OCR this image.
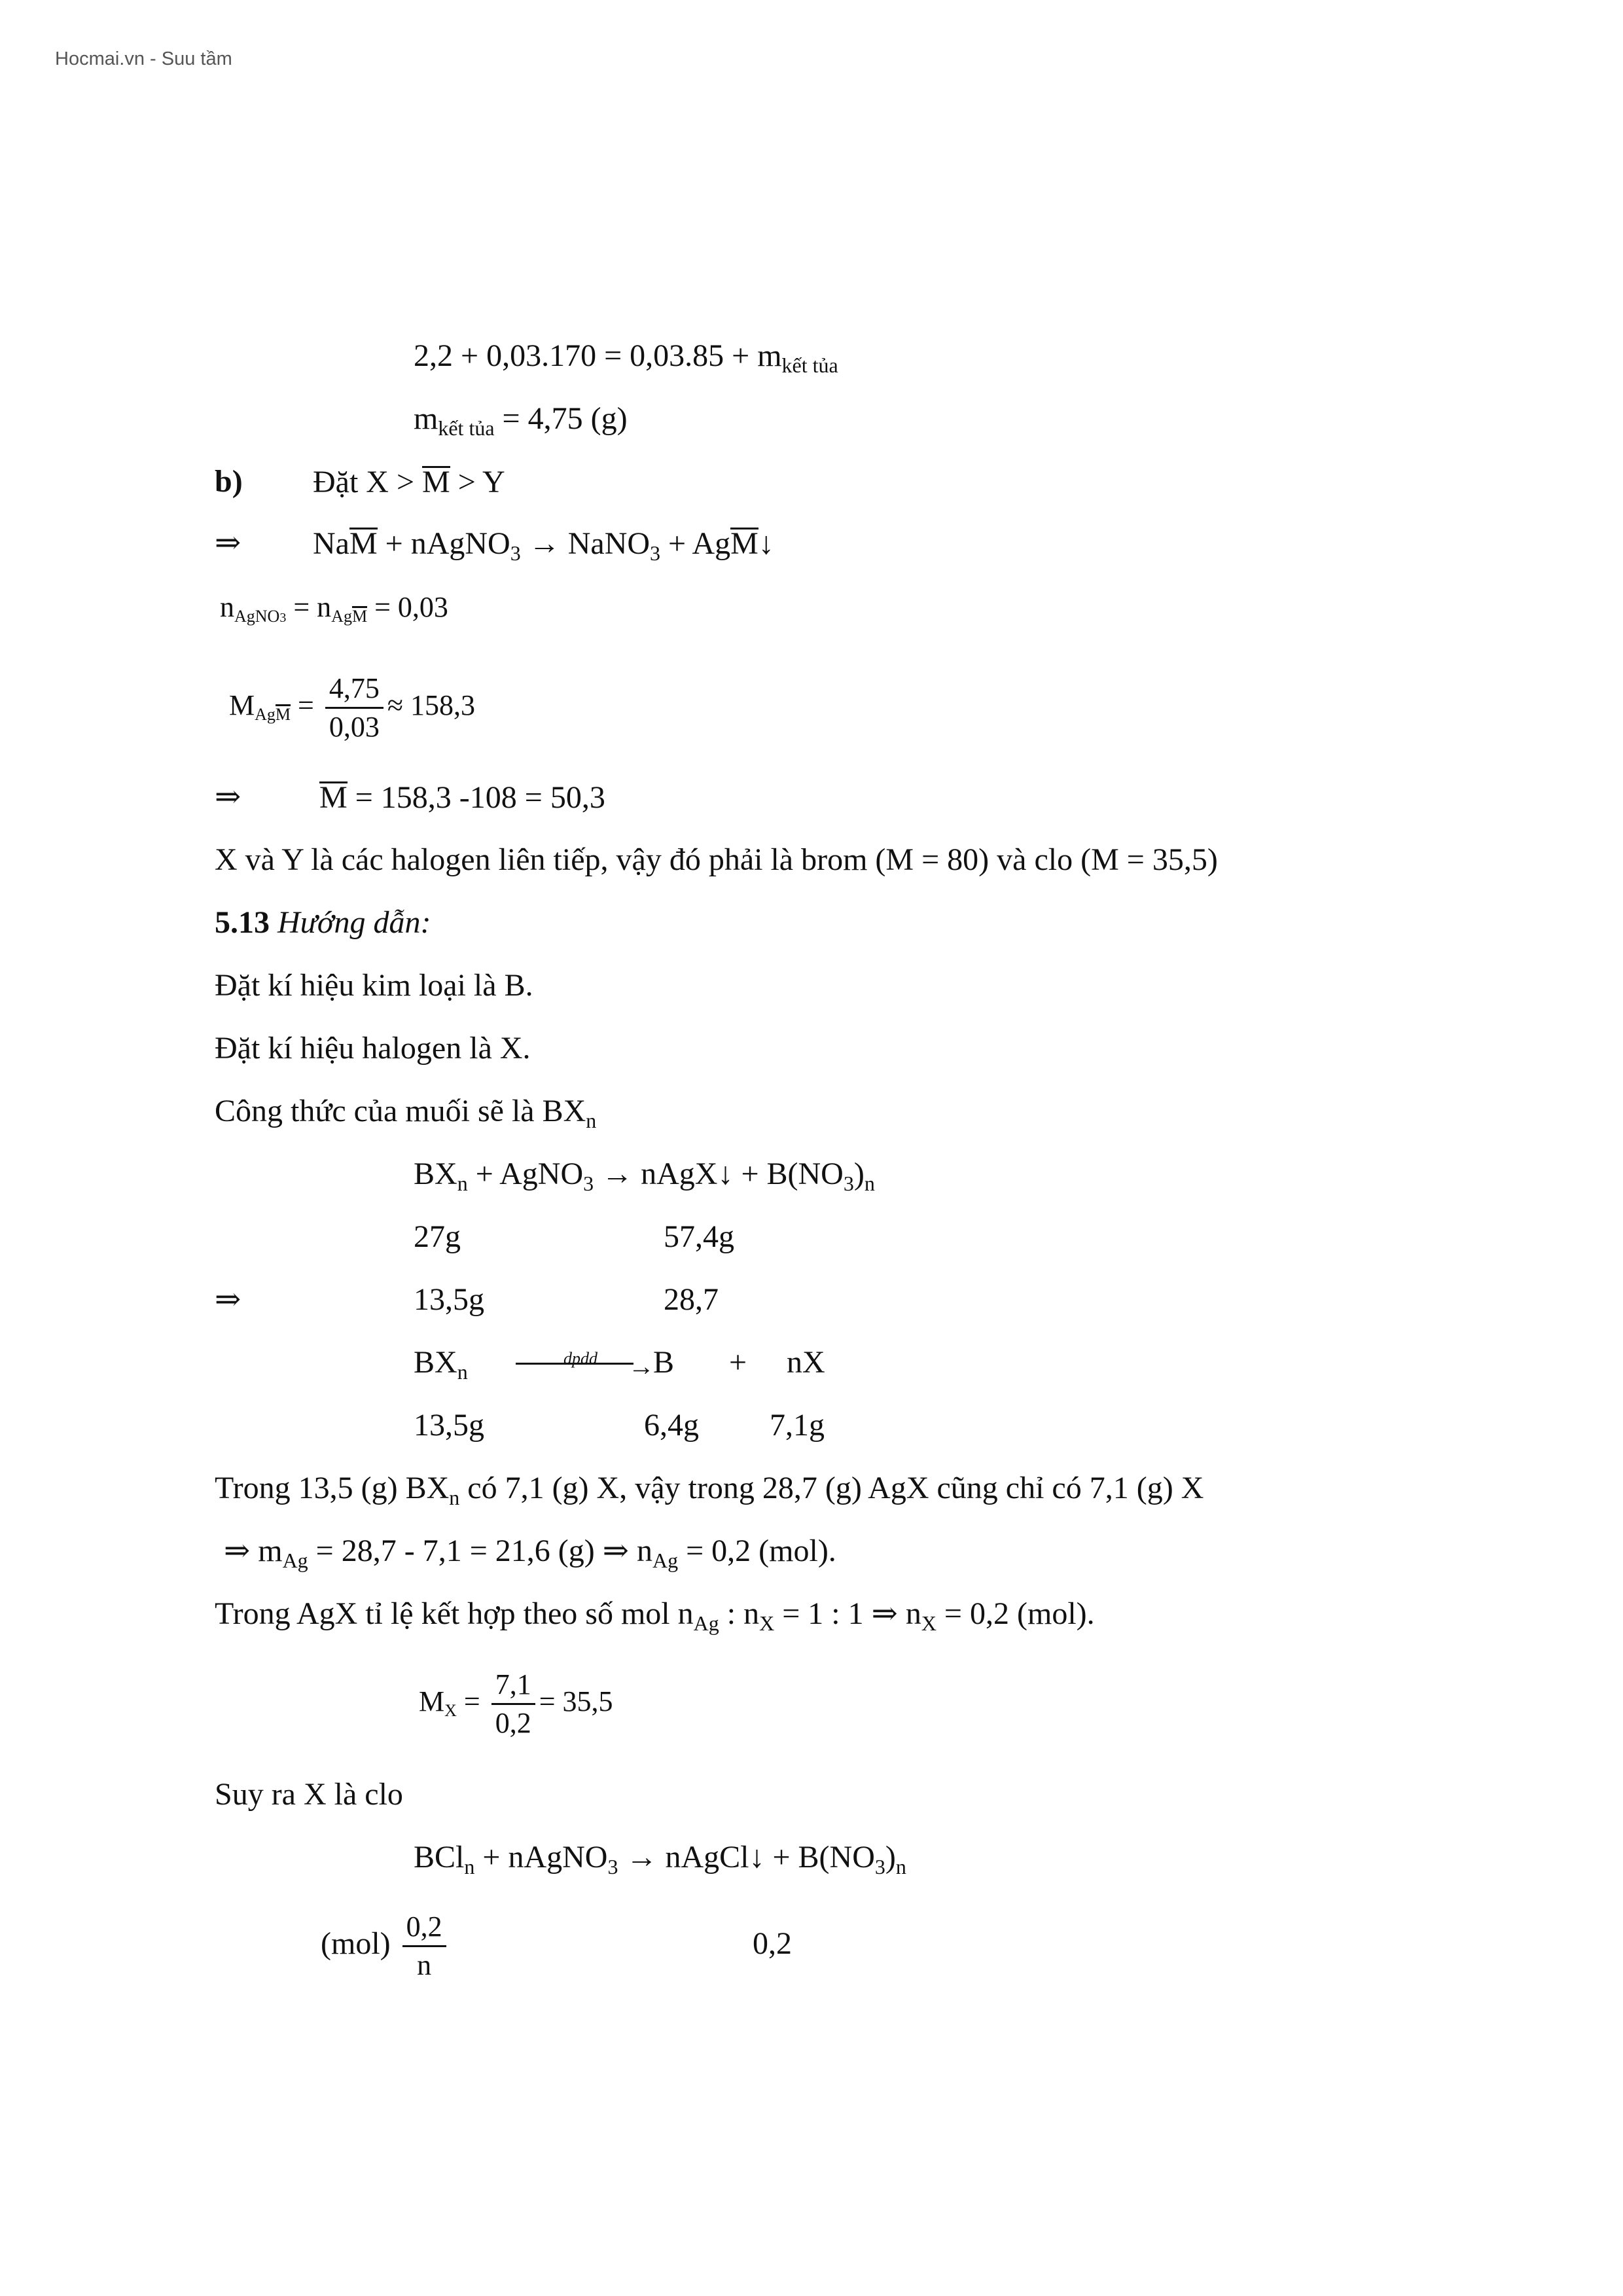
Hocmai.vn - Suu tầm
$2,2 + 0,03.170 = 0,03.85 + m_{kết tủa}$
$m_{kết tủa} = 4,75$ (g)
b) Đặt X > M > Y
⇒ NaM + nAgNO$_3$ → NaNO$_3$ + AgM↓
$n_{AgNO3} = n_{AgM} = 0,03$
$M_{AgM} = \frac{4,75}{0,03} \approx 158,3$
⇒ M = 158,3 -108 = 50,3
X và Y là các halogen liên tiếp, vậy đó phải là brom (M = 80) và clo (M = 35,5)
5.13 Hướng dẫn:
Đặt kí hiệu kim loại là B.
Đặt kí hiệu halogen là X.
Công thức của muối sẽ là $BX_n$
$BX_n$ + AgNO$_3$ → nAgX↓ + $B(NO_3)_n$
27g	57,4g
⇒	13,5g	28,7
$BX_n$
dpdd	→
B + nX
13,5g	6,4g 7,1g
Trong 13,5 (g) $BX_n$ có 7,1 (g) X, vậy trong 28,7 (g) AgX cũng chỉ có 7,1 (g) X
⇒ $m_{Ag} = 28,7 - 7,1 = 21,6$ (g) ⇒ $n_{Ag} = 0,2$ (mol).
Trong AgX tỉ lệ kết hợp theo số mol $n_{Ag}$ : $n_X = 1$ : 1 ⇒ $n_X = 0,2$ (mol).
$M_X = \frac{7,1}{0,2} = 35,5$
Suy ra X là clo
BCl$_n$ + nAgNO$_3$ → nAgCl↓ + $B(NO_3)_n$
$(mol) \frac{0,2}{n}$	0,2
